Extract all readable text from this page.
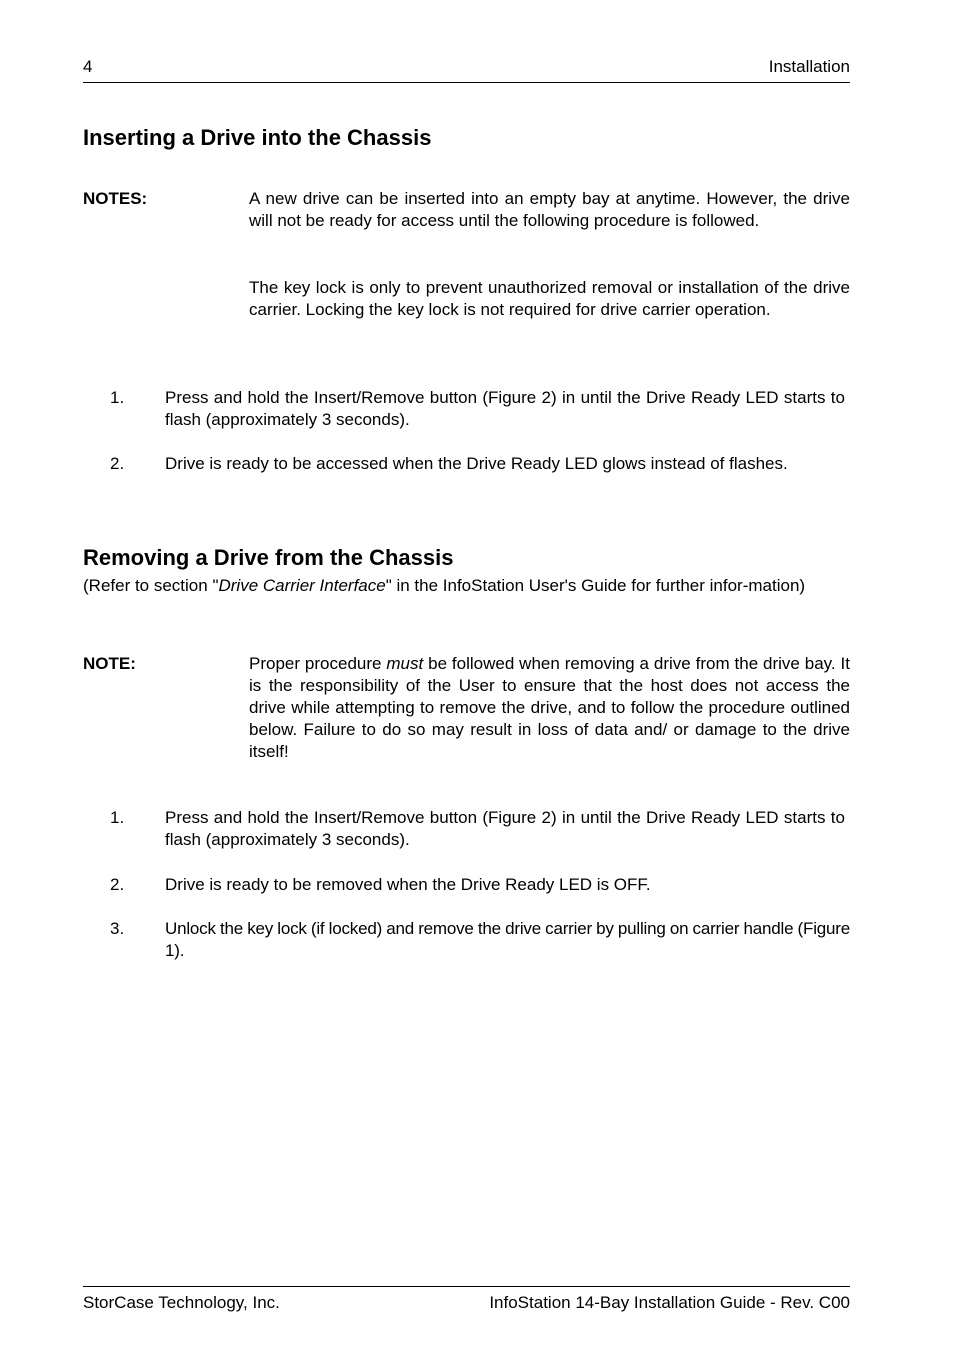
4	Installation
Inserting a Drive into the Chassis
NOTES:	A new drive can be inserted into an empty bay at anytime. However, the drive will not be ready for access until the following procedure is followed.
The key lock is only to prevent unauthorized removal or installation of the drive carrier. Locking the key lock is not required for drive carrier operation.
1. Press and hold the Insert/Remove button (Figure 2) in until the Drive Ready LED starts to flash (approximately 3 seconds).
2. Drive is ready to be accessed when the Drive Ready LED glows instead of flashes.
Removing a Drive from the Chassis
(Refer to section "Drive Carrier Interface" in the InfoStation User's Guide for further infor-mation)
NOTE:	Proper procedure must be followed when removing a drive from the drive bay. It is the responsibility of the User to ensure that the host does not access the drive while attempting to remove the drive, and to follow the procedure outlined below. Failure to do so may result in loss of data and/ or damage to the drive itself!
1. Press and hold the Insert/Remove button (Figure 2) in until the Drive Ready LED starts to flash (approximately 3 seconds).
2. Drive is ready to be removed when the Drive Ready LED is OFF.
3. Unlock the key lock (if locked) and remove the drive carrier by pulling on carrier handle (Figure 1).
StorCase Technology, Inc.	InfoStation 14-Bay Installation Guide - Rev. C00
